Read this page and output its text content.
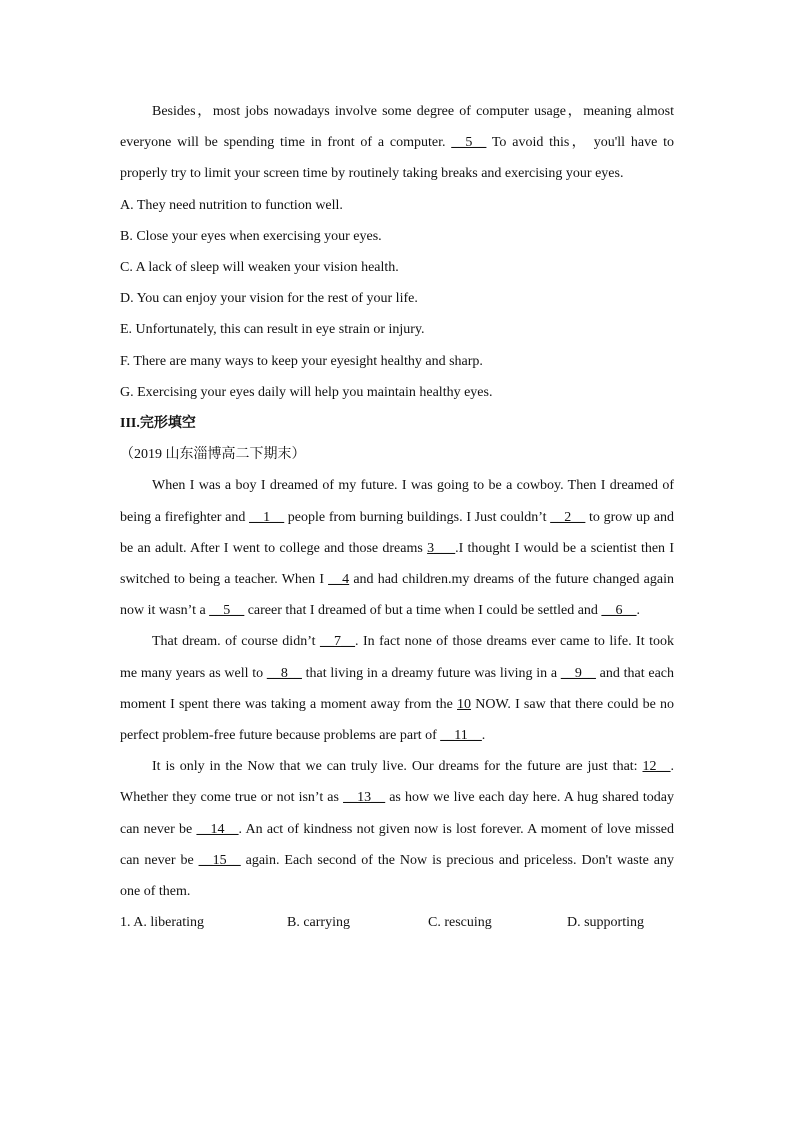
Besides，most jobs nowadays involve some degree of computer usage，meaning almost everyone will be spending time in front of a computer. __5__ To avoid this， you'll have to properly try to limit your screen time by routinely taking breaks and exercising your eyes.

A. They need nutrition to function well.

B. Close your eyes when exercising your eyes.

C. A lack of sleep will weaken your vision health.

D. You can enjoy your vision for the rest of your life.

E. Unfortunately, this can result in eye strain or injury.

F. There are many ways to keep your eyesight healthy and sharp.

G. Exercising your eyes daily will help you maintain healthy eyes.

III.完形填空

（2019 山东淄博高二下期末）

When I was a boy I dreamed of my future. I was going to be a cowboy. Then I dreamed of being a firefighter and __1__ people from burning buildings. I Just couldn’t __2__ to grow up and be an adult. After I went to college and those dreams 3___.I thought I would be a scientist then I switched to being a teacher. When I __4 and had children.my dreams of the future changed again now it wasn’t a __5__ career that I dreamed of but a time when I could be settled and __6__.

That dream. of course didn’t __7__. In fact none of those dreams ever came to life. It took me many years as well to __8__ that living in a dreamy future was living in a __9__ and that each moment I spent there was taking a moment away from the 10 NOW. I saw that there could be no perfect problem-free future because problems are part of __11__.

It is only in the Now that we can truly live. Our dreams for the future are just that: 12__. Whether they come true or not isn’t as __13__ as how we live each day here. A hug shared today can never be __14__. An act of kindness not given now is lost forever. A moment of love missed can never be __15__ again. Each second of the Now is precious and priceless. Don't waste any one of them.

1. A. liberating	B. carrying	C. rescuing	D. supporting
